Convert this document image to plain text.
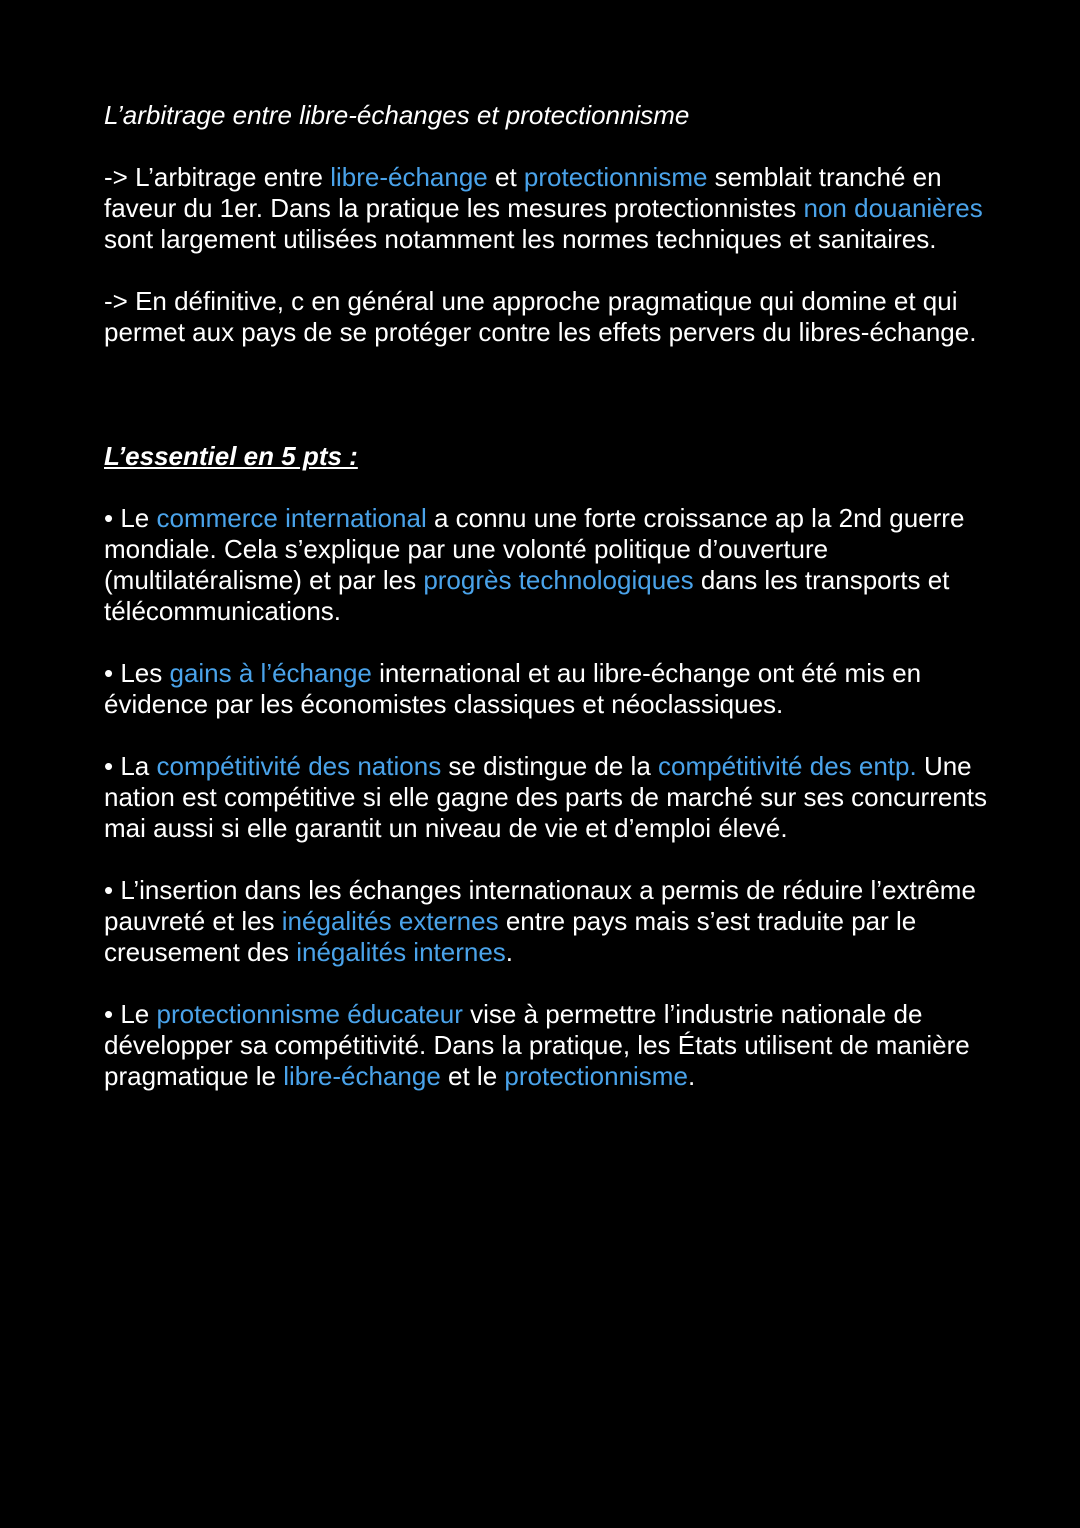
L’arbitrage entre libre-échanges et protectionnisme

-> L’arbitrage entre libre-échange et protectionnisme semblait tranché en faveur du 1er. Dans la pratique les mesures protectionnistes non douanières sont largement utilisées notamment les normes techniques et sanitaires.

-> En définitive, c en général une approche pragmatique qui domine et qui permet aux pays de se protéger contre les effets pervers du libres-échange.

L’essentiel en 5 pts :

• Le commerce international a connu une forte croissance ap la 2nd guerre mondiale. Cela s’explique par une volonté politique d’ouverture (multilatéralisme) et par les progrès technologiques dans les transports et télécommunications.

• Les gains à l’échange international et au libre-échange ont été mis en évidence par les économistes classiques et néoclassiques.

• La compétitivité des nations se distingue de la compétitivité des entp. Une nation est compétitive si elle gagne des parts de marché sur ses concurrents mai aussi si elle garantit un niveau de vie et d’emploi élevé.

• L’insertion dans les échanges internationaux a permis de réduire l’extrême pauvreté et les inégalités externes entre pays mais s’est traduite par le creusement des inégalités internes.

• Le protectionnisme éducateur vise à permettre l’industrie nationale de développer sa compétitivité. Dans la pratique, les États utilisent de manière pragmatique le libre-échange et le protectionnisme.
